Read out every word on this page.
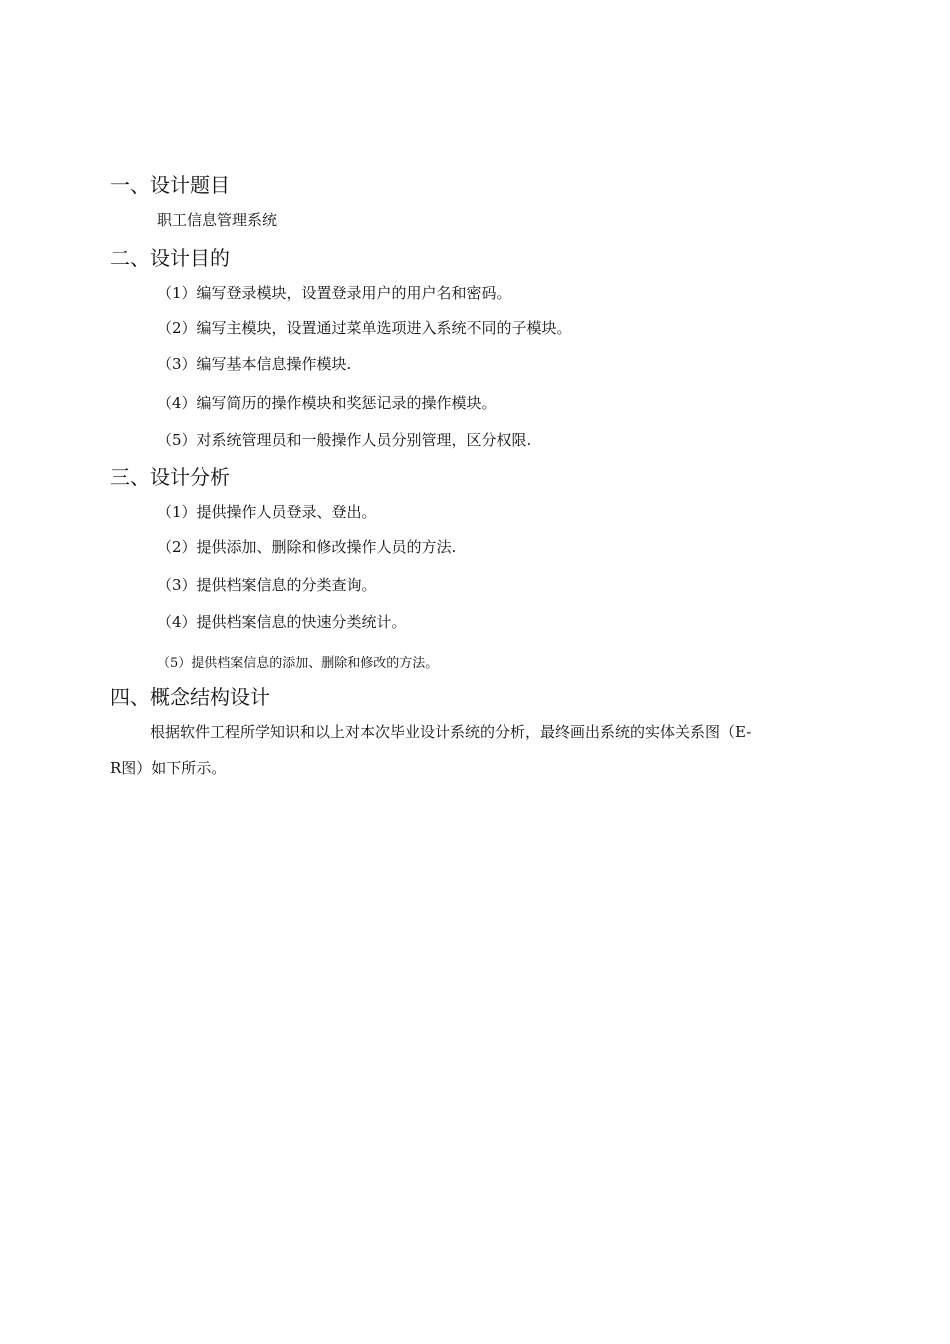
一、设计题目
职工信息管理系统
二、设计目的
（1）编写登录模块，设置登录用户的用户名和密码。
（2）编写主模块，设置通过菜单选项进入系统不同的子模块。
（3）编写基本信息操作模块.
（4）编写简历的操作模块和奖惩记录的操作模块。
（5）对系统管理员和一般操作人员分别管理，区分权限.
三、设计分析
（1）提供操作人员登录、登出。
（2）提供添加、删除和修改操作人员的方法.
（3）提供档案信息的分类查询。
（4）提供档案信息的快速分类统计。
（5）提供档案信息的添加、删除和修改的方法。
四、概念结构设计
根据软件工程所学知识和以上对本次毕业设计系统的分析，最终画出系统的实体关系图（E-
R图）如下所示。
